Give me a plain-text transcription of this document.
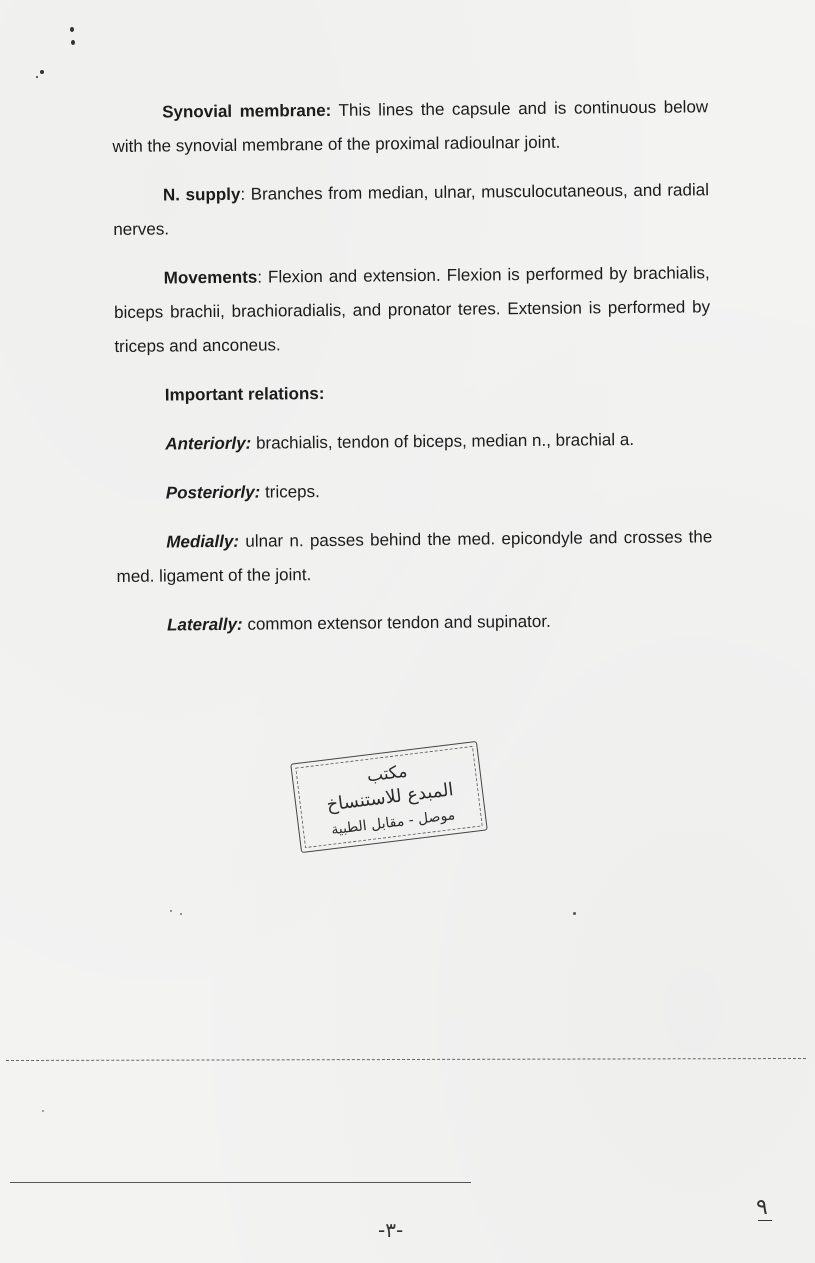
Synovial membrane: This lines the capsule and is continuous below with the synovial membrane of the proximal radioulnar joint.

N. supply: Branches from median, ulnar, musculocutaneous, and radial nerves.

Movements: Flexion and extension. Flexion is performed by brachialis, biceps brachii, brachioradialis, and pronator teres. Extension is performed by triceps and anconeus.

Important relations:

Anteriorly: brachialis, tendon of biceps, median n., brachial a.

Posteriorly: triceps.

Medially: ulnar n. passes behind the med. epicondyle and crosses the med. ligament of the joint.

Laterally: common extensor tendon and supinator.

مكتب
المبدع للاستنساخ
موصل - مقابل الطبية
٩
-٣-
